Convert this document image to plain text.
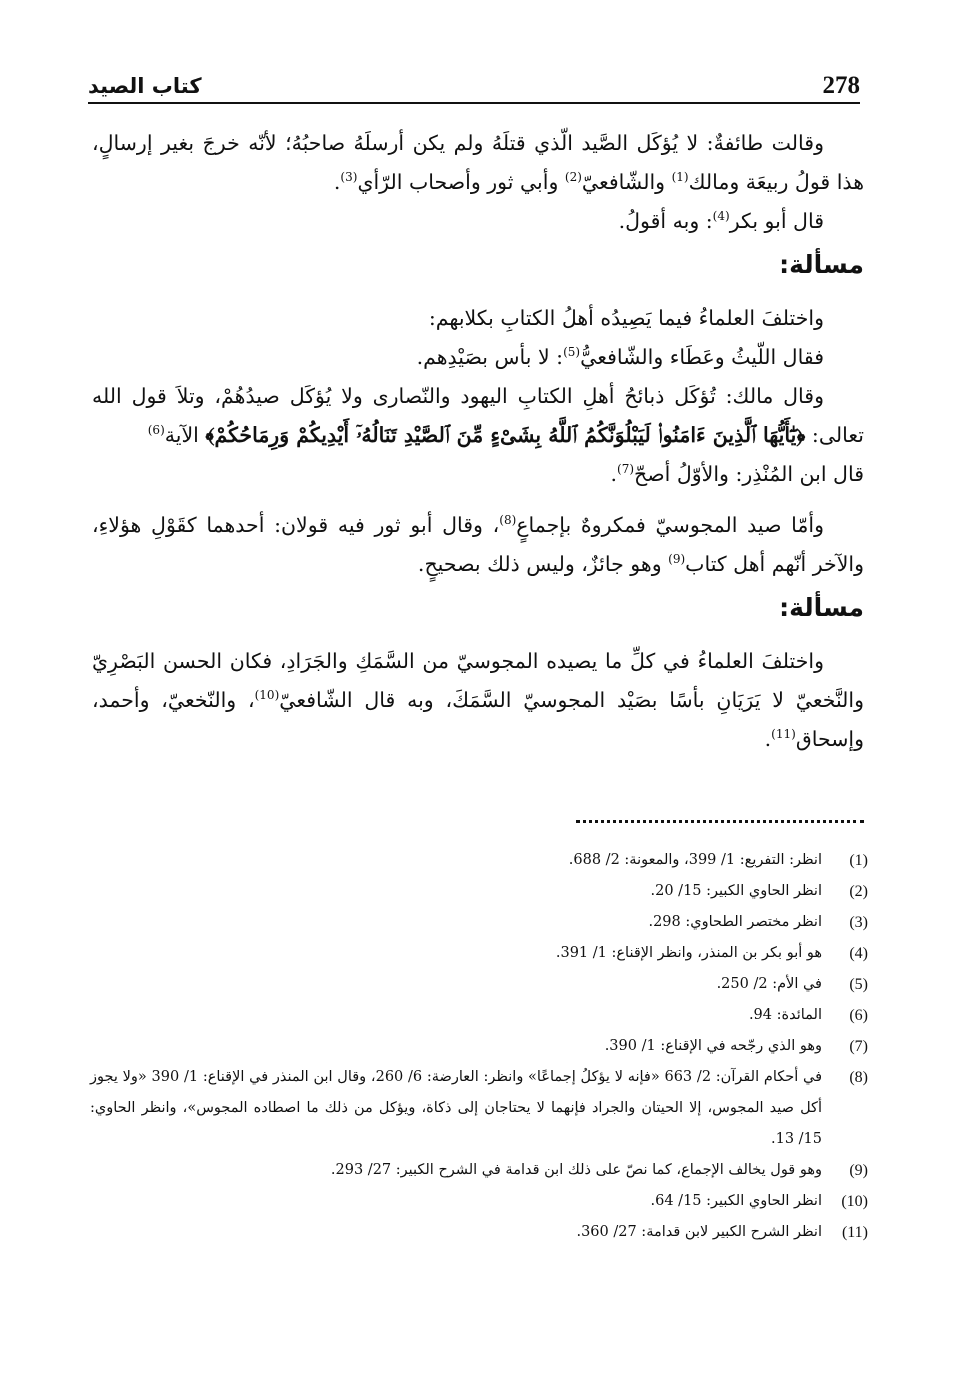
كتاب الصيد	278

وقالت طائفةٌ: لا يُؤكَل الصَّيد الّذي قتلَهُ ولم يكن أرسلَهُ صاحبُهُ؛ لأنّه خرجَ بغير إرسالٍ، هذا قولُ ربيعَة ومالك$^{(1)}$ والشّافعيّ$^{(2)}$ وأبي ثور وأصحاب الرّأي$^{(3)}$.

قال أبو بكر$^{(4)}$: وبه أقولُ.

مسألة:

واختلفَ العلماءُ فيما يَصِيدُه أهلُ الكتابِ بكلابهم:

فقال اللّيثُ وعَطَاء والشّافعيُّ$^{(5)}$: لا بأس بصَيْدِهم.

وقال مالك: تُؤكَل ذبائحُ أهلِ الكتابِ اليهود والنّصارى ولا يُؤكَل صيدُهُمْ، وتلاَ قول الله تعالى: ﴿يَٰٓأَيُّهَا ٱلَّذِينَ ءَامَنُوا۟ لَيَبْلُوَنَّكُمُ ٱللَّهُ بِشَىْءٍ مِّنَ ٱلصَّيْدِ تَنَالُهُۥٓ أَيْدِيكُمْ وَرِمَاحُكُمْ﴾ الآية$^{(6)}$

قال ابن المُنْذِر: والأوّلُ أصحّ$^{(7)}$.

وأمّا صيد المجوسيّ فمكروهٌ بإجماعٍ$^{(8)}$، وقال أبو ثور فيه قولان: أحدهما كقَوْلِ هؤلاءِ، والآخر أنّهم أهل كتاب$^{(9)}$ وهو جائزٌ، وليس ذلك بصحيحٍ.

مسألة:

واختلفَ العلماءُ في كلِّ ما يصيده المجوسيّ من السَّمَكِ والجَرَادِ، فكان الحسن البَصْرِيّ والنَّخعيّ لا يَرَيَانِ بأسًا بصَيْد المجوسيّ السَّمَكَ، وبه قال الشّافعيّ$^{(10)}$، والنّخعيّ، وأحمد، وإسحاق$^{(11)}$.

(1)
انظر: التفريع: 1/ 399، والمعونة: 2/ 688.
(2)
انظر الحاوي الكبير: 15/ 20.
(3)
انظر مختصر الطحاوي: 298.
(4)
هو أبو بكر بن المنذر، وانظر الإقناع: 1/ 391.
(5)
في الأم: 2/ 250.
(6)
المائدة: 94.
(7)
وهو الذي رجّحه في الإقناع: 1/ 390.
(8)
في أحكام القرآن: 2/ 663 «فإنه لا يؤكلُ إجماعًا» وانظر: العارضة: 6/ 260، وقال ابن المنذر في الإقناع: 1/ 390 «ولا يجوز أكل صيد المجوس، إلا الحيتان والجراد فإنهما لا يحتاجان إلى ذكاة، ويؤكل من ذلك ما اصطاده المجوس»، وانظر الحاوي: 15/ 13.
(9)
وهو قول يخالف الإجماع، كما نصّ على ذلك ابن قدامة في الشرح الكبير: 27/ 293.
(10)
انظر الحاوي الكبير: 15/ 64.
(11)
انظر الشرح الكبير لابن قدامة: 27/ 360.
